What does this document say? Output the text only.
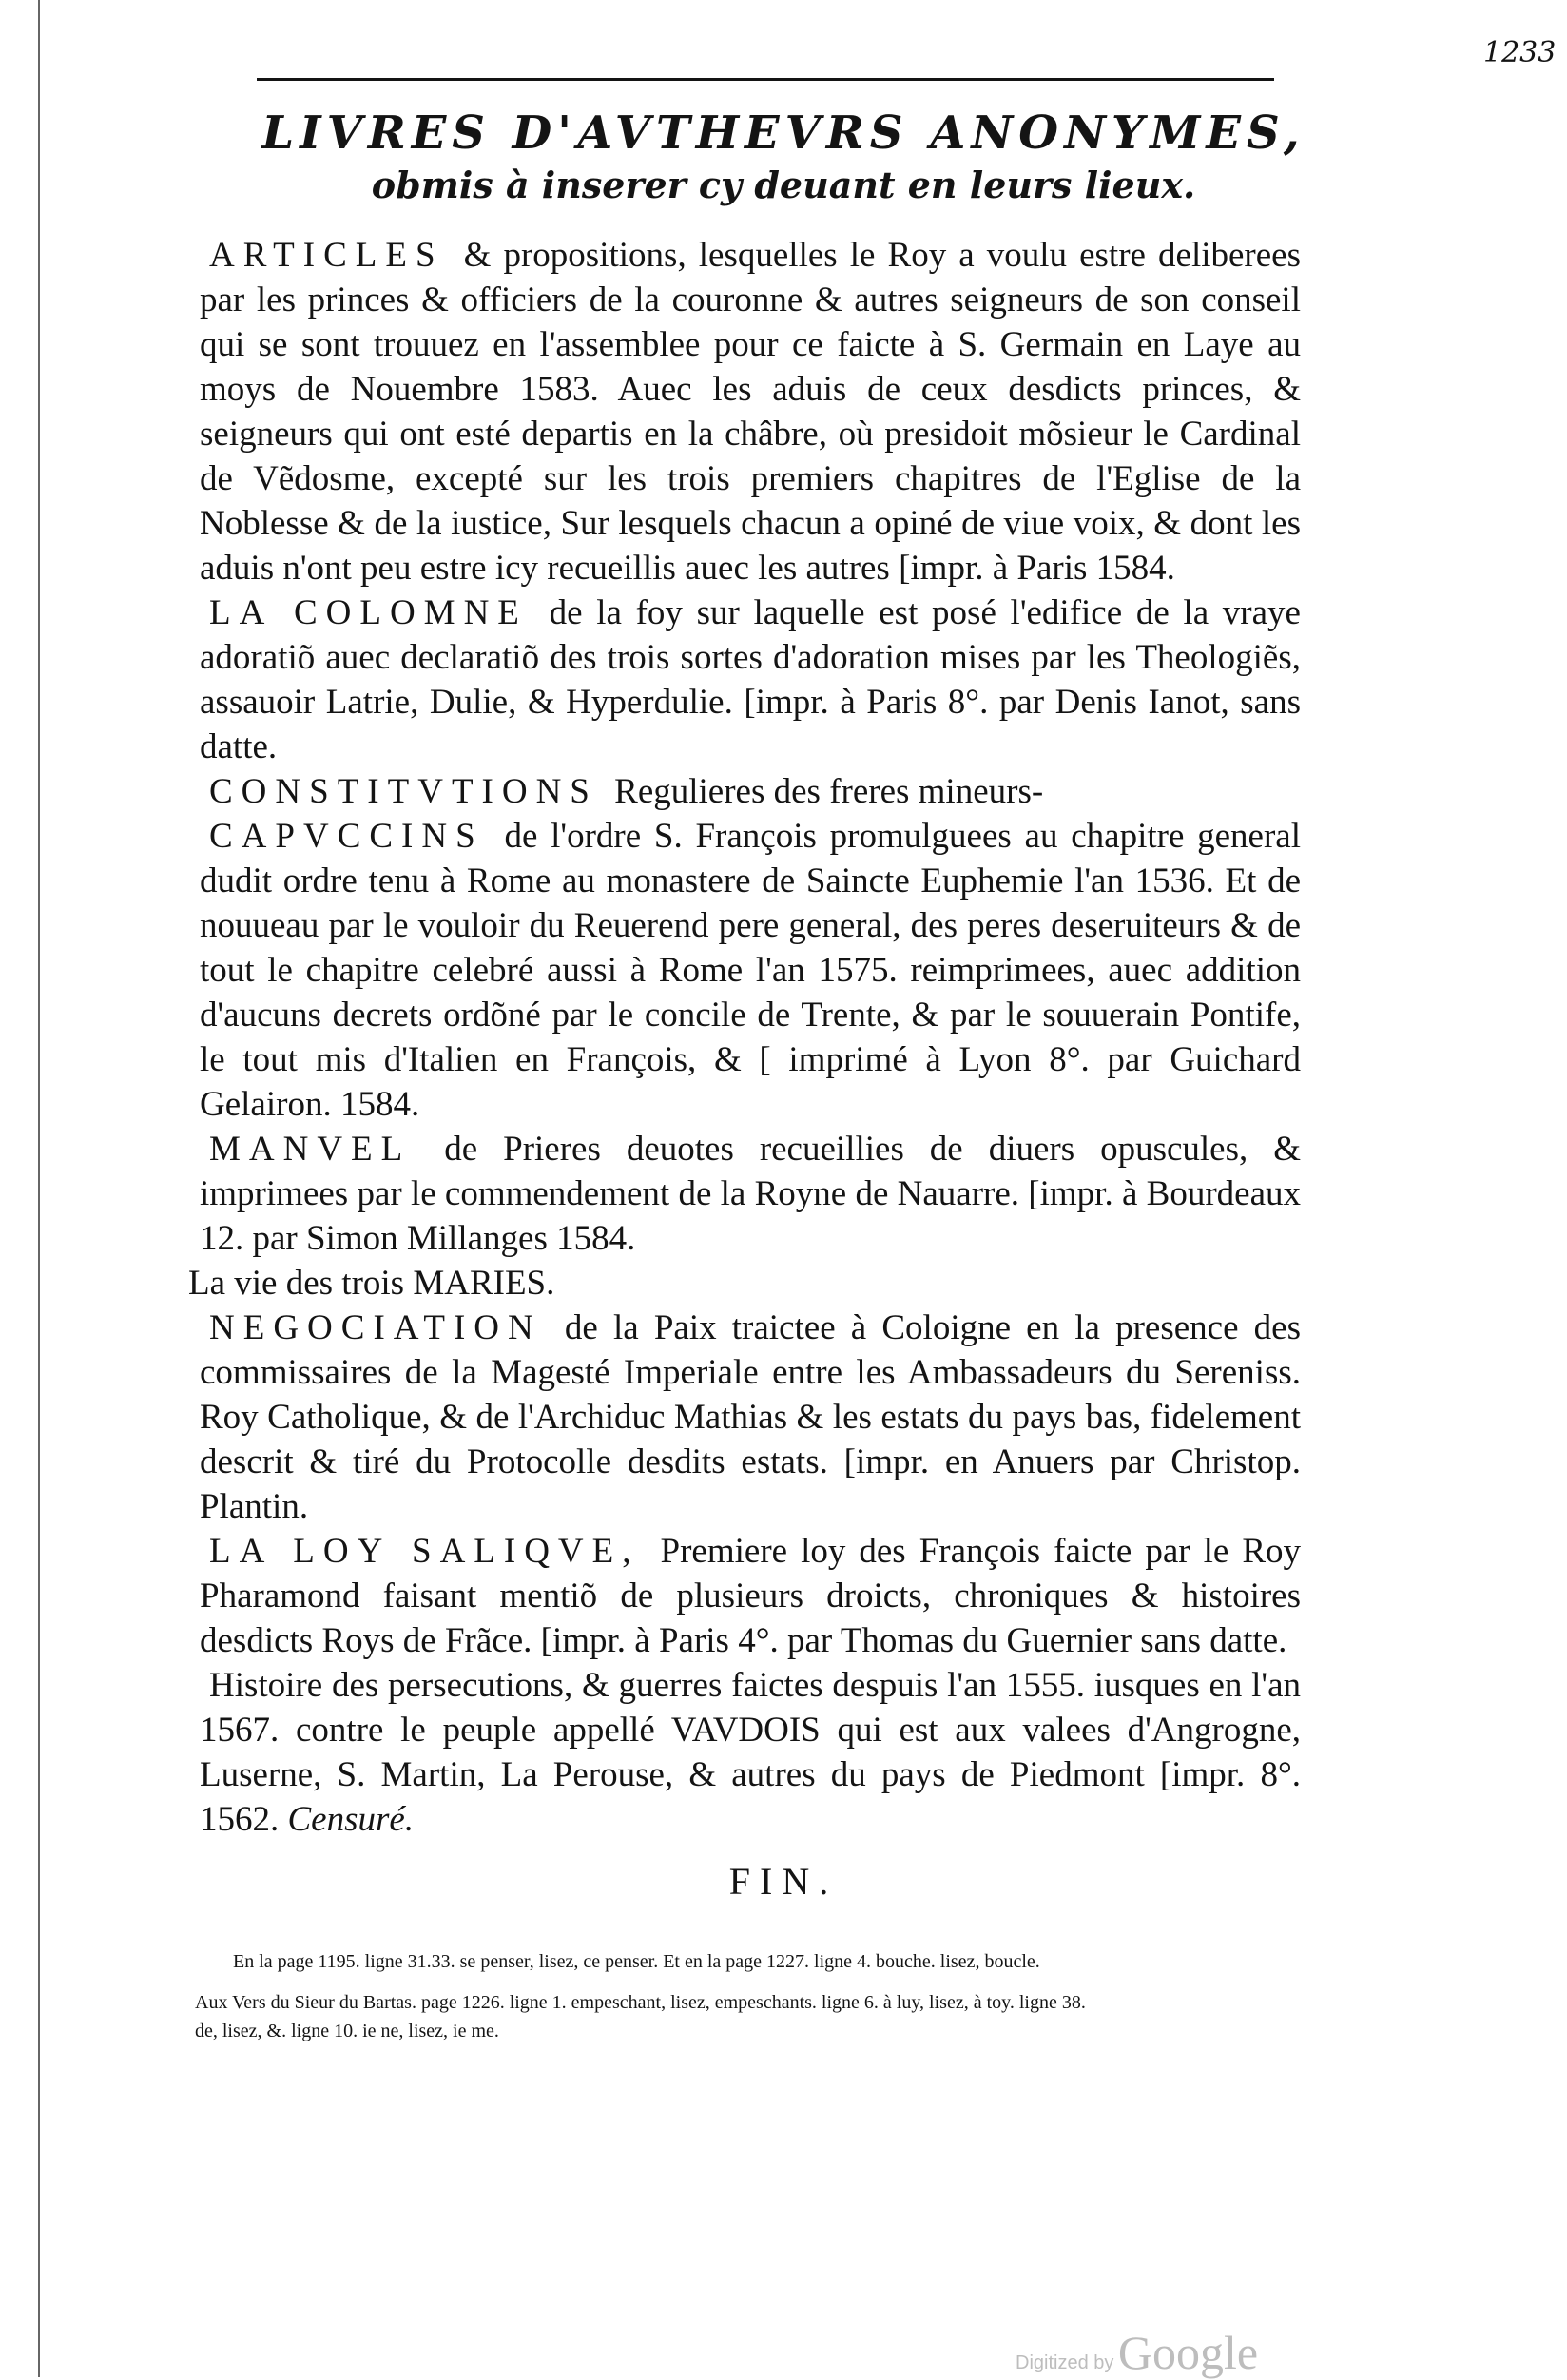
1233
LIVRES D'AVTHEVRS ANONYMES,
obmis à inserer cy deuant en leurs lieux.

ARTICLES & propositions, lesquelles le Roy a voulu estre deliberees par les princes & officiers de la couronne & autres seigneurs de son conseil qui se sont trouuez en l'assemblee pour ce faicte à S. Germain en Laye au moys de Nouembre 1583. Auec les aduis de ceux desdicts princes, & seigneurs qui ont esté departis en la châbre, où presidoit mõsieur le Cardinal de Vẽdosme, excepté sur les trois premiers chapitres de l'Eglise de la Noblesse & de la iustice, Sur lesquels chacun a opiné de viue voix, & dont les aduis n'ont peu estre icy recueillis auec les autres [impr. à Paris 1584.

LA COLOMNE de la foy sur laquelle est posé l'edifice de la vraye adoratiõ auec declaratiõ des trois sortes d'adoration mises par les Theologiẽs, assauoir Latrie, Dulie, & Hyperdulie. [impr. à Paris 8°. par Denis Ianot, sans datte.

CONSTITVTIONS Regulieres des freres mineurs-

CAPVCCINS de l'ordre S. François promulguees au chapitre general dudit ordre tenu à Rome au monastere de Saincte Euphemie l'an 1536. Et de nouueau par le vouloir du Reuerend pere general, des peres deseruiteurs & de tout le chapitre celebré aussi à Rome l'an 1575. reimprimees, auec addition d'aucuns decrets ordõné par le concile de Trente, & par le souuerain Pontife, le tout mis d'Italien en François, & [ imprimé à Lyon 8°. par Guichard Gelairon. 1584.

MANVEL de Prieres deuotes recueillies de diuers opuscules, & imprimees par le commendement de la Royne de Nauarre. [impr. à Bourdeaux 12. par Simon Millanges 1584.

La vie des trois MARIES.

NEGOCIATION de la Paix traictee à Coloigne en la presence des commissaires de la Magesté Imperiale entre les Ambassadeurs du Sereniss. Roy Catholique, & de l'Archiduc Mathias & les estats du pays bas, fidelement descrit & tiré du Protocolle desdits estats. [impr. en Anuers par Christop. Plantin.

LA LOY SALIQVE, Premiere loy des François faicte par le Roy Pharamond faisant mentiõ de plusieurs droicts, chroniques & histoires desdicts Roys de Frãce. [impr. à Paris 4°. par Thomas du Guernier sans datte.

Histoire des persecutions, & guerres faictes despuis l'an 1555. iusques en l'an 1567. contre le peuple appellé VAVDOIS qui est aux valees d'Angrogne, Luserne, S. Martin, La Perouse, & autres du pays de Piedmont [impr. 8°. 1562. Censuré.

FIN.
En la page 1195. ligne 31.33. se penser, lisez, ce penser. Et en la page 1227. ligne 4. bouche. lisez, boucle.
Aux Vers du Sieur du Bartas. page 1226. ligne 1. empeschant, lisez, empeschants. ligne 6. à luy, lisez, à toy. ligne 38.
de, lisez, &. ligne 10. ie ne, lisez, ie me.
Digitized by Google
